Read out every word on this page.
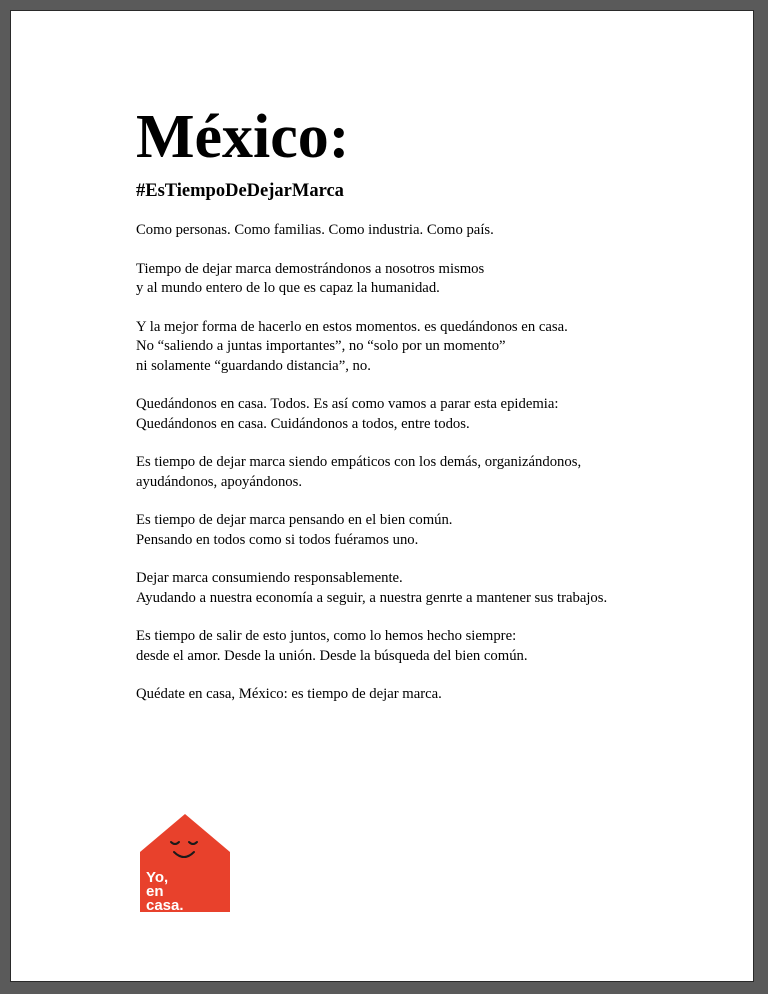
México:
#EsTiempoDeDejarMarca

Como personas. Como familias. Como industria. Como país.

Tiempo de dejar marca demostrándonos a nosotros mismos
y al mundo entero de lo que es capaz la humanidad.

Y la mejor forma de hacerlo en estos momentos. es quedándonos en casa.
No “saliendo a juntas importantes”, no “solo por un momento”
ni solamente “guardando distancia”, no.

Quedándonos en casa. Todos. Es así como vamos a parar esta epidemia:
Quedándonos en casa. Cuidándonos a todos, entre todos.

Es tiempo de dejar marca siendo empáticos con los demás, organizándonos,
ayudándonos, apoyándonos.

Es tiempo de dejar marca pensando en el bien común.
Pensando en todos como si todos fuéramos uno.

Dejar marca consumiendo responsablemente.
Ayudando a nuestra economía a seguir, a nuestra genrte a mantener sus trabajos.

Es tiempo de salir de esto juntos, como lo hemos hecho siempre:
desde el amor. Desde la unión. Desde la búsqueda del bien común.

Quédate en casa, México: es tiempo de dejar marca.

Yo,
en
casa.
